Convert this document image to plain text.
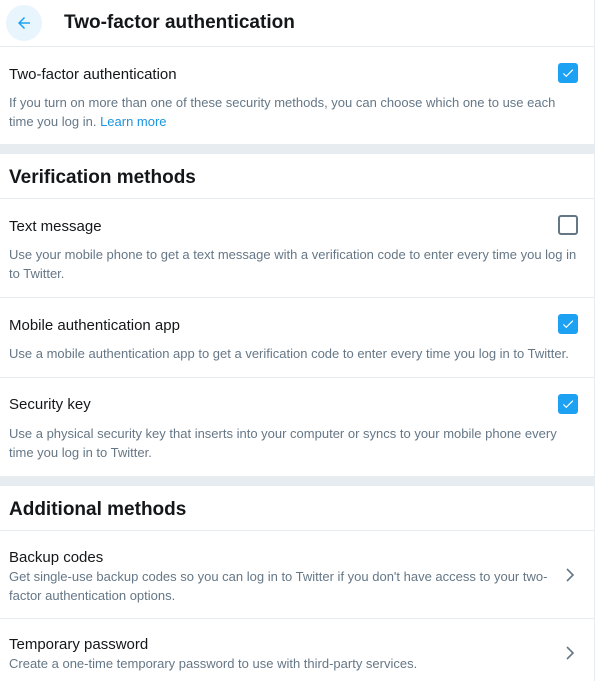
Two-factor authentication
Two-factor authentication
If you turn on more than one of these security methods, you can choose which one to use each time you log in. Learn more
Verification methods
Text message
Use your mobile phone to get a text message with a verification code to enter every time you log in to Twitter.
Mobile authentication app
Use a mobile authentication app to get a verification code to enter every time you log in to Twitter.
Security key
Use a physical security key that inserts into your computer or syncs to your mobile phone every time you log in to Twitter.
Additional methods
Backup codes
Get single-use backup codes so you can log in to Twitter if you don't have access to your two-factor authentication options.
Temporary password
Create a one-time temporary password to use with third-party services.
